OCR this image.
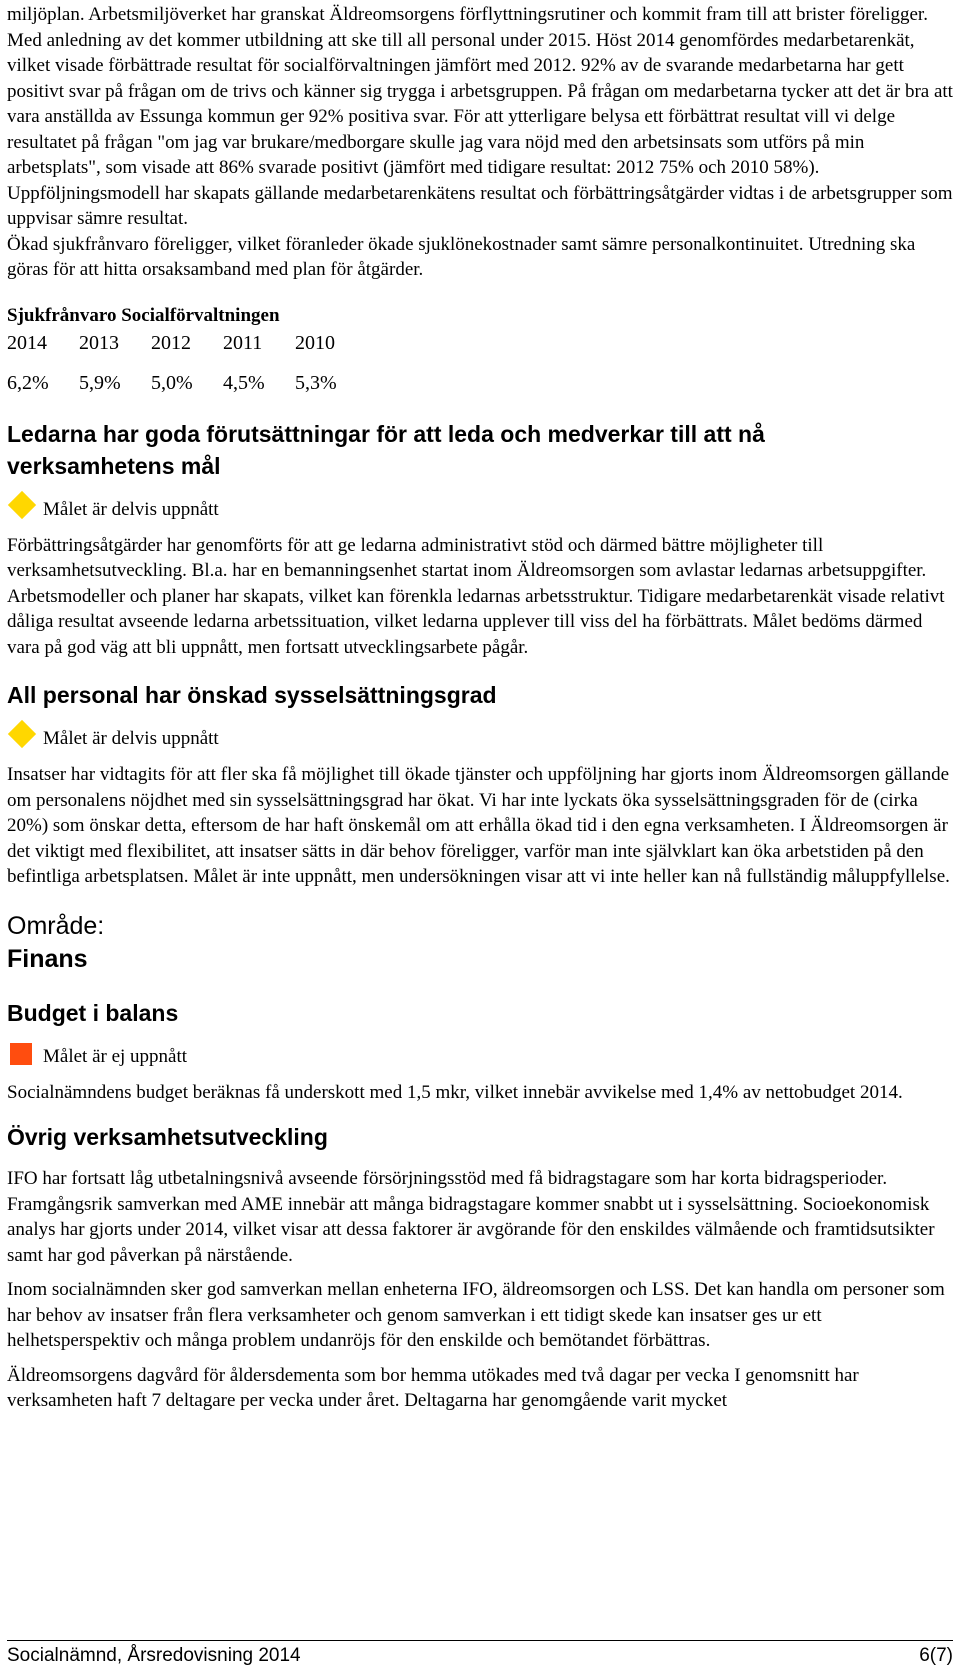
miljöplan. Arbetsmiljöverket har granskat Äldreomsorgens förflyttningsrutiner och kommit fram till att brister föreligger. Med anledning av det kommer utbildning att ske till all personal under 2015. Höst 2014 genomfördes medarbetarenkät, vilket visade förbättrade resultat för socialförvaltningen jämfört med 2012. 92% av de svarande medarbetarna har gett positivt svar på frågan om de trivs och känner sig trygga i arbetsgruppen. På frågan om medarbetarna tycker att det är bra att vara anställda av Essunga kommun ger 92% positiva svar. För att ytterligare belysa ett förbättrat resultat vill vi delge resultatet på frågan "om jag var brukare/medborgare skulle jag vara nöjd med den arbetsinsats som utförs på min arbetsplats", som visade att 86% svarade positivt (jämfört med tidigare resultat: 2012 75% och 2010 58%). Uppföljningsmodell har skapats gällande medarbetarenkätens resultat och förbättringsåtgärder vidtas i de arbetsgrupper som uppvisar sämre resultat.

Ökad sjukfrånvaro föreligger, vilket föranleder ökade sjuklönekostnader samt sämre personalkontinuitet. Utredning ska göras för att hitta orsaksamband med plan för åtgärder.

Sjukfrånvaro Socialförvaltningen
2014	2013	2012	2011	2010
6,2%	5,9%	5,0%	4,5%	5,3%
Ledarna har goda förutsättningar för att leda och medverkar till att nå verksamhetens mål
Målet är delvis uppnått

Förbättringsåtgärder har genomförts för att ge ledarna administrativt stöd och därmed bättre möjligheter till verksamhetsutveckling. Bl.a. har en bemanningsenhet startat inom Äldreomsorgen som avlastar ledarnas arbetsuppgifter. Arbetsmodeller och planer har skapats, vilket kan förenkla ledarnas arbetsstruktur. Tidigare medarbetarenkät visade relativt dåliga resultat avseende ledarna arbetssituation, vilket ledarna upplever till viss del ha förbättrats. Målet bedöms därmed vara på god väg att bli uppnått, men fortsatt utvecklingsarbete pågår.

All personal har önskad sysselsättningsgrad
Målet är delvis uppnått

Insatser har vidtagits för att fler ska få möjlighet till ökade tjänster och uppföljning har gjorts inom Äldreomsorgen gällande om personalens nöjdhet med sin sysselsättningsgrad har ökat. Vi har inte lyckats öka sysselsättningsgraden för de (cirka 20%) som önskar detta, eftersom de har haft önskemål om att erhålla ökad tid i den egna verksamheten. I Äldreomsorgen är det viktigt med flexibilitet, att insatser sätts in där behov föreligger, varför man inte självklart kan öka arbetstiden på den befintliga arbetsplatsen. Målet är inte uppnått, men undersökningen visar att vi inte heller kan nå fullständig måluppfyllelse.

Område:
Finans
Budget i balans
Målet är ej uppnått

Socialnämndens budget beräknas få underskott med 1,5 mkr, vilket innebär avvikelse med 1,4% av nettobudget 2014.

Övrig verksamhetsutveckling

IFO har fortsatt låg utbetalningsnivå avseende försörjningsstöd med få bidragstagare som har korta bidragsperioder. Framgångsrik samverkan med AME innebär att många bidragstagare kommer snabbt ut i sysselsättning. Socioekonomisk analys har gjorts under 2014, vilket visar att dessa faktorer är avgörande för den enskildes välmående och framtidsutsikter samt har god påverkan på närstående.

Inom socialnämnden sker god samverkan mellan enheterna IFO, äldreomsorgen och LSS. Det kan handla om personer som har behov av insatser från flera verksamheter och genom samverkan i ett tidigt skede kan insatser ges ur ett helhetsperspektiv och många problem undanröjs för den enskilde och bemötandet förbättras.

Äldreomsorgens dagvård för åldersdementa som bor hemma utökades med två dagar per vecka I genomsnitt har verksamheten haft 7 deltagare per vecka under året. Deltagarna har genomgående varit mycket

Socialnämnd, Årsredovisning 2014	6(7)
